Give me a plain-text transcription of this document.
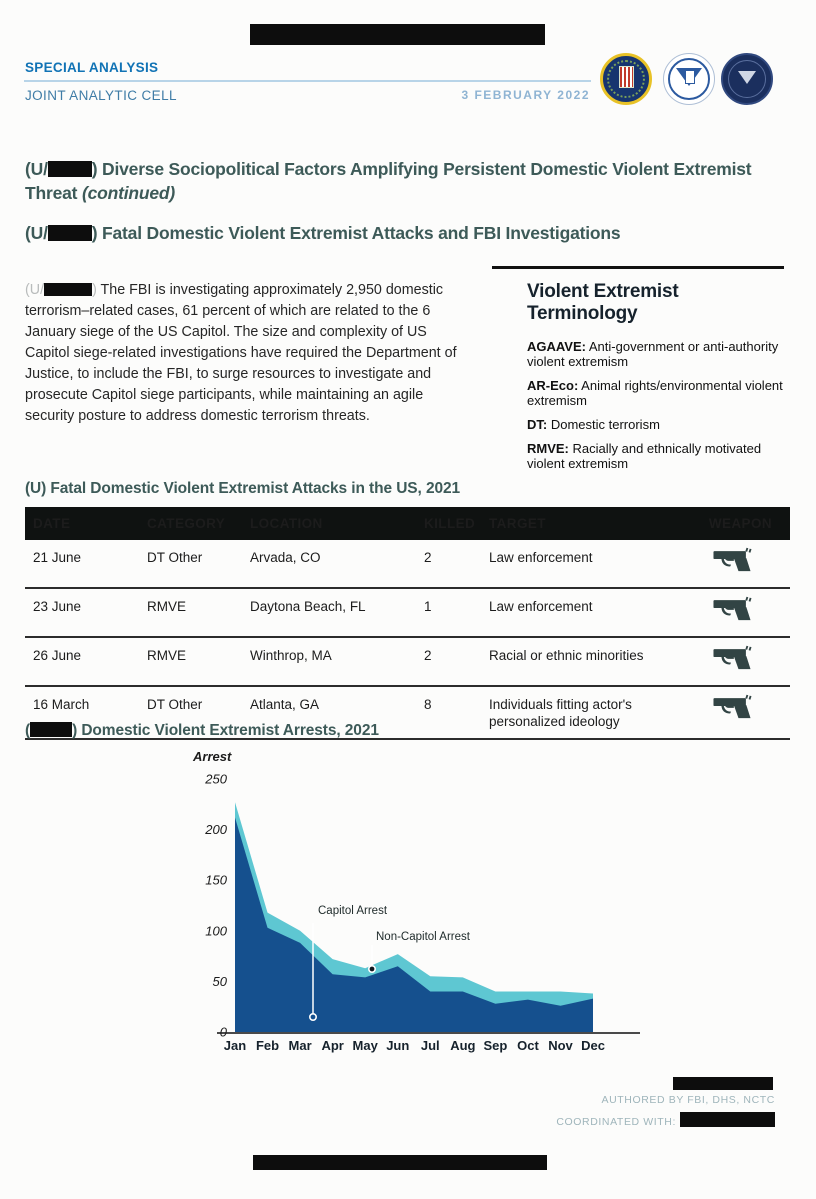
SPECIAL ANALYSIS
JOINT ANALYTIC CELL	3 FEBRUARY 2022
(U/	) Diverse Sociopolitical Factors Amplifying Persistent Domestic Violent Extremist Threat (continued)
(U/	) Fatal Domestic Violent Extremist Attacks and FBI Investigations

(U/	) The FBI is investigating approximately 2,950 domestic terrorism–related cases, 61 percent of which are related to the 6 January siege of the US Capitol. The size and complexity of US Capitol siege-related investigations have required the Department of Justice, to include the FBI, to surge resources to investigate and prosecute Capitol siege participants, while maintaining an agile security posture to address domestic terrorism threats.

Violent Extremist Terminology
AGAAVE: Anti-government or anti-authority violent extremism
AR-Eco: Animal rights/environmental violent extremism
DT: Domestic terrorism
RMVE: Racially and ethnically motivated violent extremism
(U) Fatal Domestic Violent Extremist Attacks in the US, 2021
DATE	CATEGORY	LOCATION	KILLED	TARGET	WEAPON
21 June	DT Other	Arvada, CO	2	Law enforcement
23 June	RMVE	Daytona Beach, FL	1	Law enforcement
26 June	RMVE	Winthrop, MA	2	Racial or ethnic minorities
16 March	DT Other	Atlanta, GA	8	Individuals fitting actor's personalized ideology
(	) Domestic Violent Extremist Arrests, 2021
Arrest
0
50
100
150
200
250
Jan Feb Mar Apr May Jun Jul Aug Sep Oct Nov Dec
Capitol Arrest
Non-Capitol Arrest
AUTHORED BY FBI, DHS, NCTC
COORDINATED WITH:
